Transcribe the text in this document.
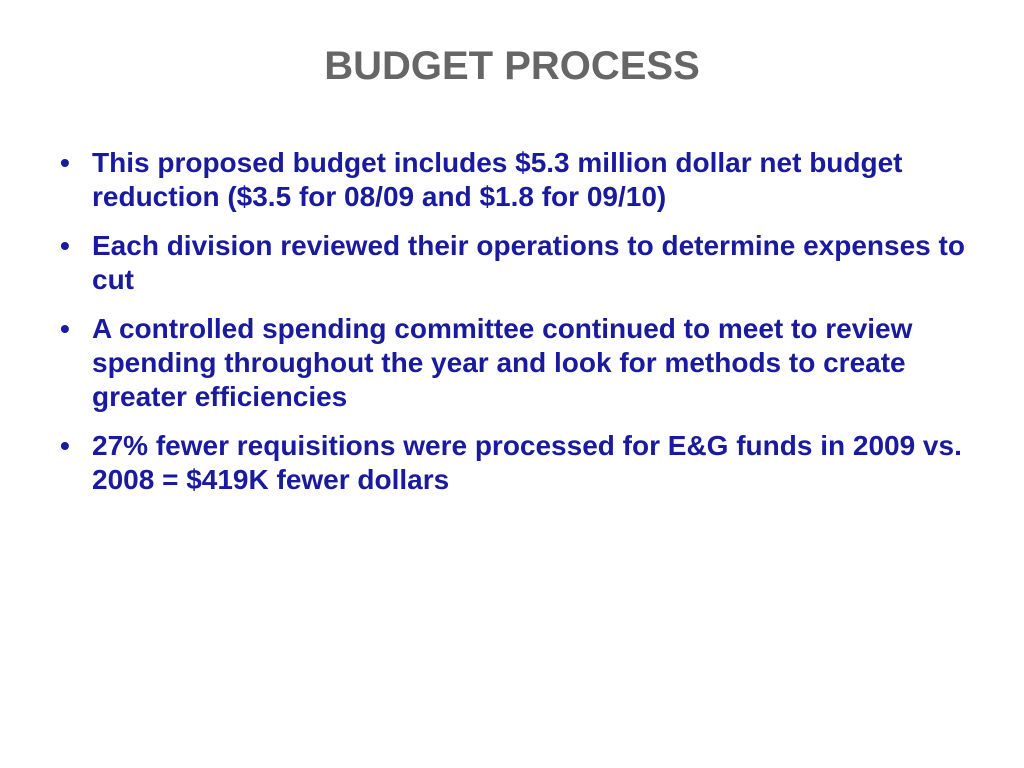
BUDGET PROCESS
• This proposed budget includes $5.3 million dollar net budget reduction ($3.5 for 08/09 and $1.8 for 09/10)
• Each division reviewed their operations to determine expenses to cut
• A controlled spending committee continued to meet to review spending throughout the year and look for methods to create greater efficiencies
• 27% fewer requisitions were processed for E&G funds in 2009 vs. 2008 = $419K fewer dollars
